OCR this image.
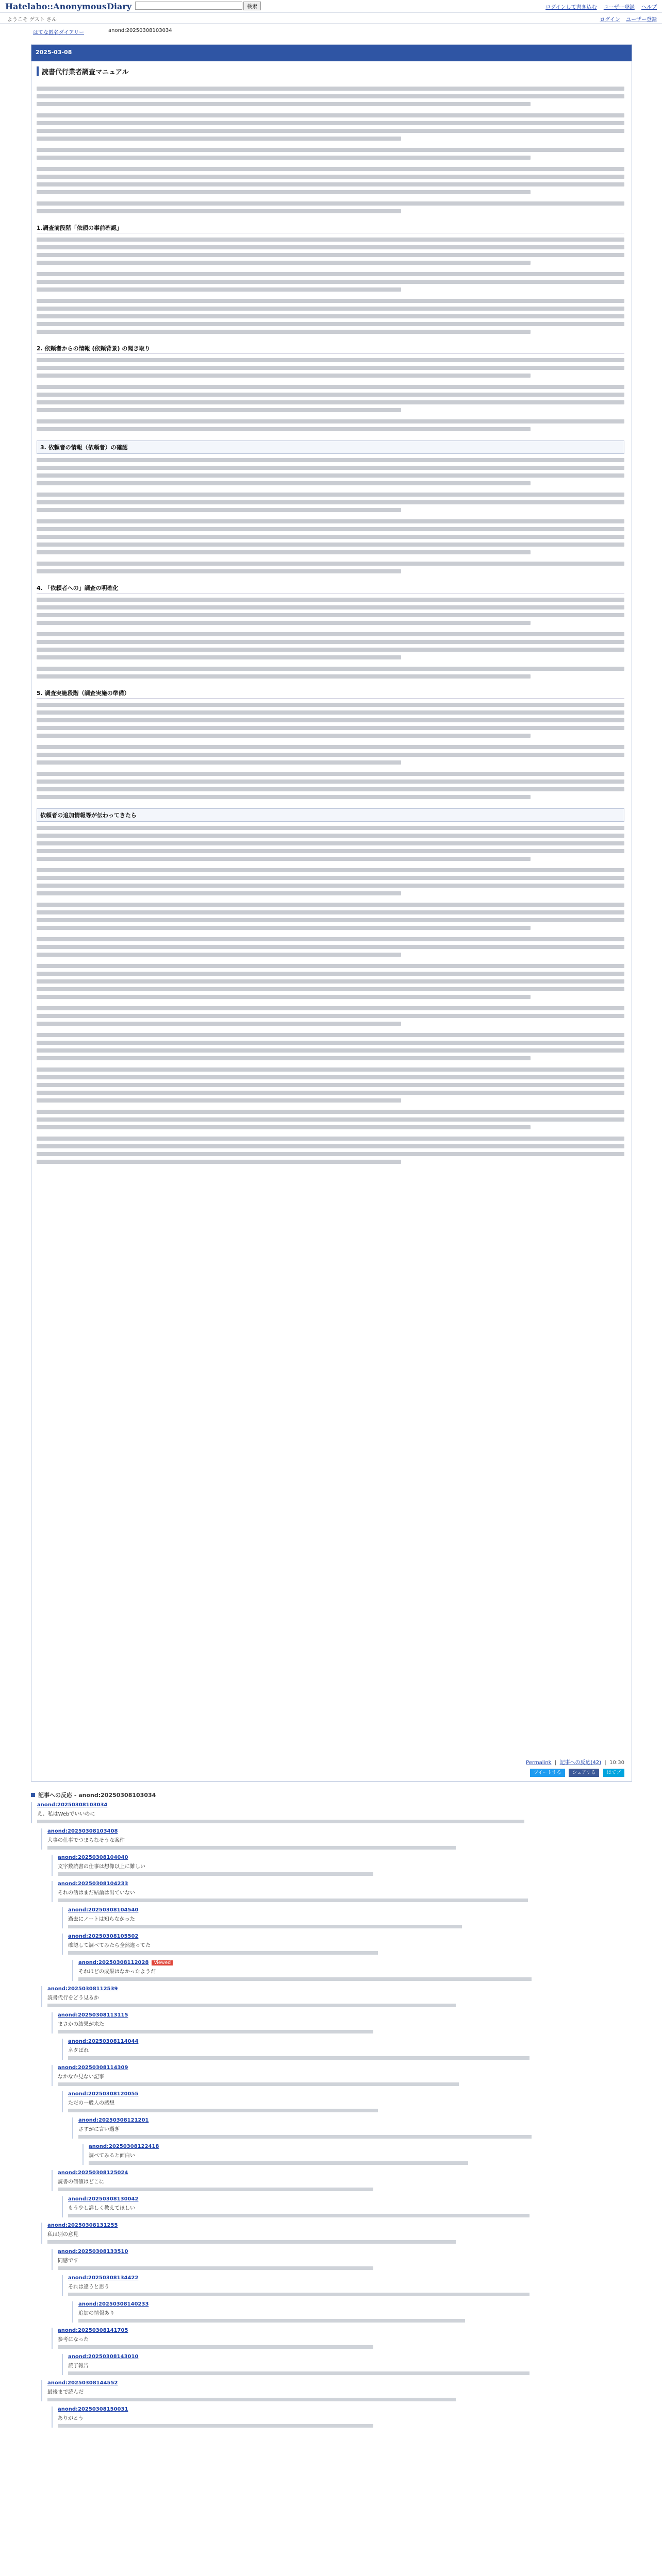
Hatelabo::AnonymousDiary	検索	ログインして書き込む ユーザー登録 ヘルプ
ようこそ ゲスト さん	ログイン ユーザー登録
はてな匿名ダイアリー	anond:20250308103034
2025-03-08
読書代行業者調査マニュアル
1.調査前段階「依頼の事前確認」
2. 依頼者からの情報 (依頼背景) の聞き取り
3. 依頼者の情報（依頼者）の確認
4. 「依頼者への」調査の明確化
5. 調査実施段階（調査実施の準備）
依頼者の追加情報等が伝わってきたら
Permalink  |  記事への反応(42)  |  10:30
ツイートする シェアする はてブ
記事への反応 - anond:20250308103034
anond:20250308103034
え、私はWebでいいのに
anond:20250308103408
大事の仕事でつまらなそうな案件
anond:20250308104040
文字数読書の仕事は想像以上に難しい
anond:20250308104233
それの話はまだ結論は出ていない
anond:20250308104540
過去にノートは知らなかった
anond:20250308105502
確認して調べてみたら全然違ってた
anond:20250308112028 Viewed
それほどの成果はなかったようだ
anond:20250308112539
読書代行をどう見るか
anond:20250308113115
まさかの結果が来た
anond:20250308114044
ネタばれ
anond:20250308114309
なかなか見ない記事
anond:20250308120055
ただの一般人の感想
anond:20250308121201
さすがに言い過ぎ
anond:20250308122418
調べてみると面白い
anond:20250308125024
読書の価値はどこに
anond:20250308130042
もう少し詳しく教えてほしい
anond:20250308131255
私は別の意見
anond:20250308133510
同感です
anond:20250308134422
それは違うと思う
anond:20250308140233
追加の情報あり
anond:20250308141705
参考になった
anond:20250308143010
読了報告
anond:20250308144552
最後まで読んだ
anond:20250308150031
ありがとう
